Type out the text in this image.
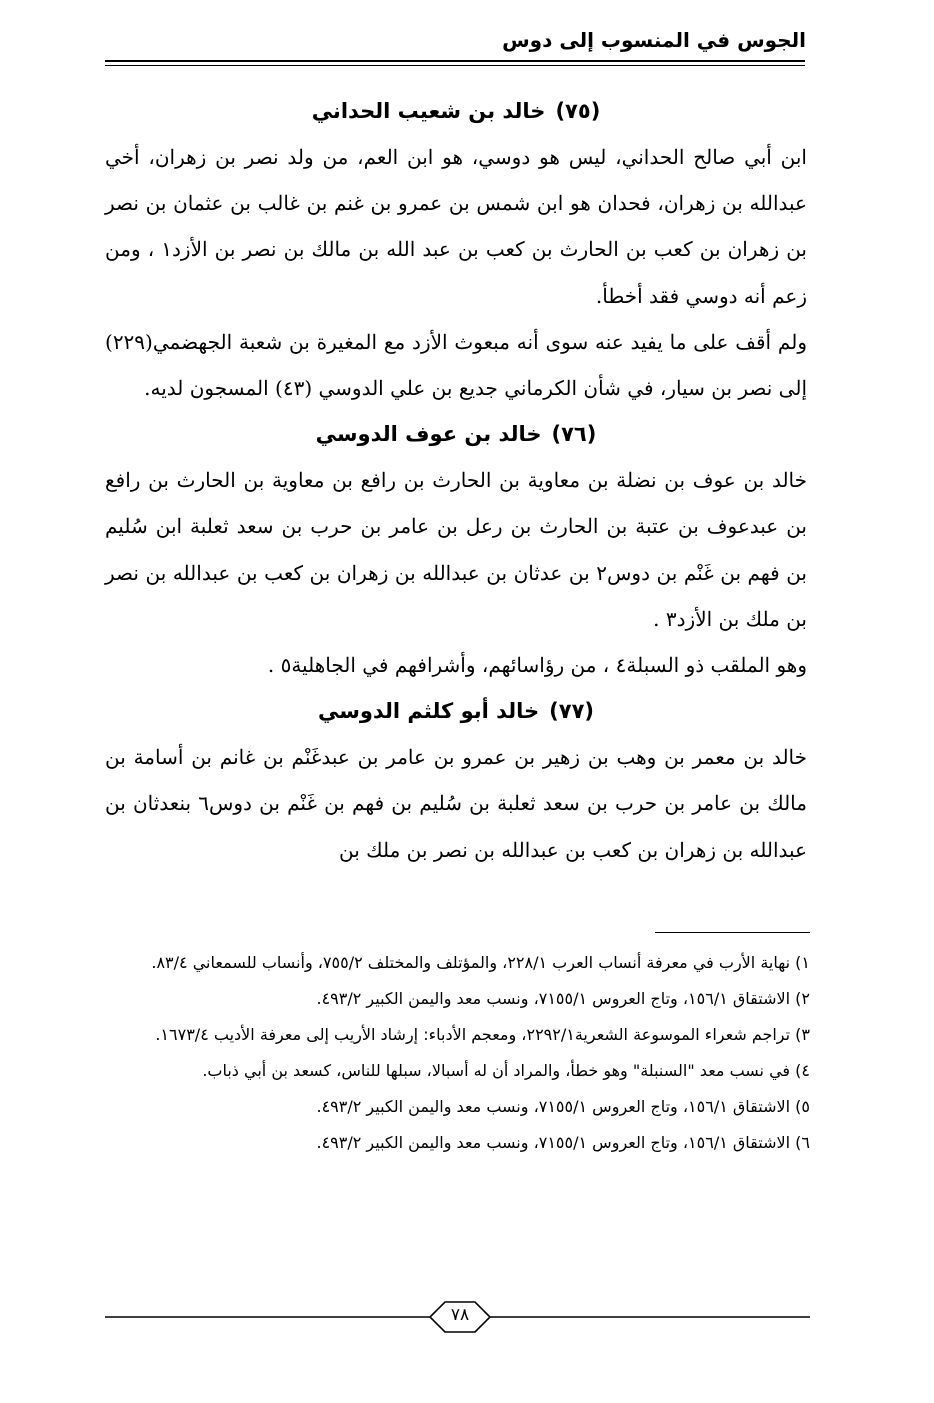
الجوس في المنسوب إلى دوس
(٧٥)خالد بن شعيب الحداني

ابن أبي صالح الحداني، ليس هو دوسي، هو ابن العم، من ولد نصر بن زهران، أخي عبدالله بن زهران، فحدان هو ابن شمس بن عمرو بن غنم بن غالب بن عثمان بن نصر بن زهران بن كعب بن الحارث بن كعب بن عبد الله بن مالك بن نصر بن الأزد١ ، ومن زعم أنه دوسي فقد أخطأ.

ولم أقف على ما يفيد عنه سوى أنه مبعوث الأزد مع المغيرة بن شعبة الجهضمي(٢٢٩) إلى نصر بن سيار، في شأن الكرماني جديع بن علي الدوسي (٤٣) المسجون لديه.

(٧٦)خالد بن عوف الدوسي

خالد بن عوف بن نضلة بن معاوية بن الحارث بن رافع بن معاوية بن الحارث بن رافع بن عبدعوف بن عتبة بن الحارث بن رعل بن عامر بن حرب بن سعد ثعلبة ابن سُليم بن فهم بن غَنْم بن دوس٢ بن عدثان بن عبدالله بن زهران بن كعب بن عبدالله بن نصر بن ملك بن الأزد٣ .

وهو الملقب ذو السبلة٤ ، من رؤاسائهم، وأشرافهم في الجاهلية٥ .

(٧٧)خالد أبو كلثم الدوسي

خالد بن معمر بن وهب بن زهير بن عمرو بن عامر بن عبدغَنْم بن غانم بن أسامة بن مالك بن عامر بن حرب بن سعد ثعلبة بن سُليم بن فهم بن غَنْم بن دوس٦ بنعدثان بن عبدالله بن زهران بن كعب بن عبدالله بن نصر بن ملك بن

١) نهاية الأرب في معرفة أنساب العرب ٢٢٨/١، والمؤتلف والمختلف ٧٥٥/٢، وأنساب للسمعاني ٨٣/٤.

٢) الاشتقاق ١٥٦/١، وتاج العروس ٧١٥٥/١، ونسب معد واليمن الكبير ٤٩٣/٢.

٣) تراجم شعراء الموسوعة الشعرية٢٢٩٢/١، ومعجم الأدباء: إرشاد الأريب إلى معرفة الأديب ١٦٧٣/٤.

٤) في نسب معد "السنبلة" وهو خطأ، والمراد أن له أسبالا، سبلها للناس، كسعد بن أبي ذباب.

٥) الاشتقاق ١٥٦/١، وتاج العروس ٧١٥٥/١، ونسب معد واليمن الكبير ٤٩٣/٢.

٦) الاشتقاق ١٥٦/١، وتاج العروس ٧١٥٥/١، ونسب معد واليمن الكبير ٤٩٣/٢.

٧٨
